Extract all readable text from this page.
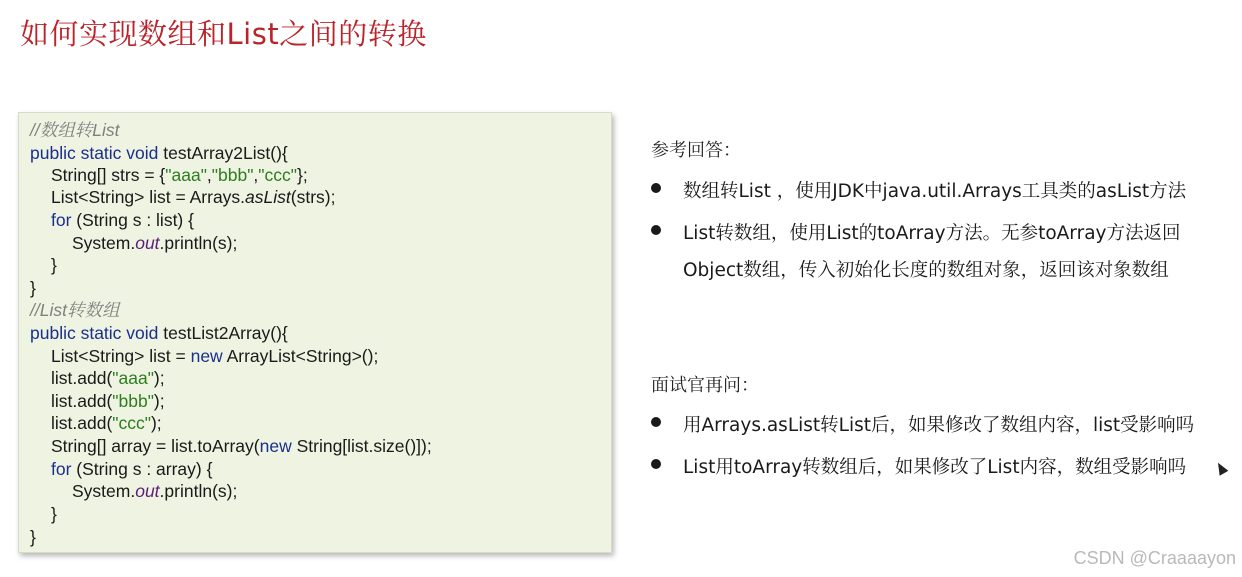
如何实现数组和List之间的转换
//数组转List
public static void testArray2List(){
String[] strs = {"aaa","bbb","ccc"};
List<String> list = Arrays.asList(strs);
for (String s : list) {
System.out.println(s);
}
}
//List转数组
public static void testList2Array(){
List<String> list = new ArrayList<String>();
list.add("aaa");
list.add("bbb");
list.add("ccc");
String[] array = list.toArray(new String[list.size()]);
for (String s : array) {
System.out.println(s);
}
}
参考回答：
数组转List ，使用JDK中java.util.Arrays工具类的asList方法
List转数组，使用List的toArray方法。无参toArray方法返回
Object数组，传入初始化长度的数组对象，返回该对象数组
面试官再问：
用Arrays.asList转List后，如果修改了数组内容，list受影响吗
List用toArray转数组后，如果修改了List内容，数组受影响吗
CSDN @Craaaayon
